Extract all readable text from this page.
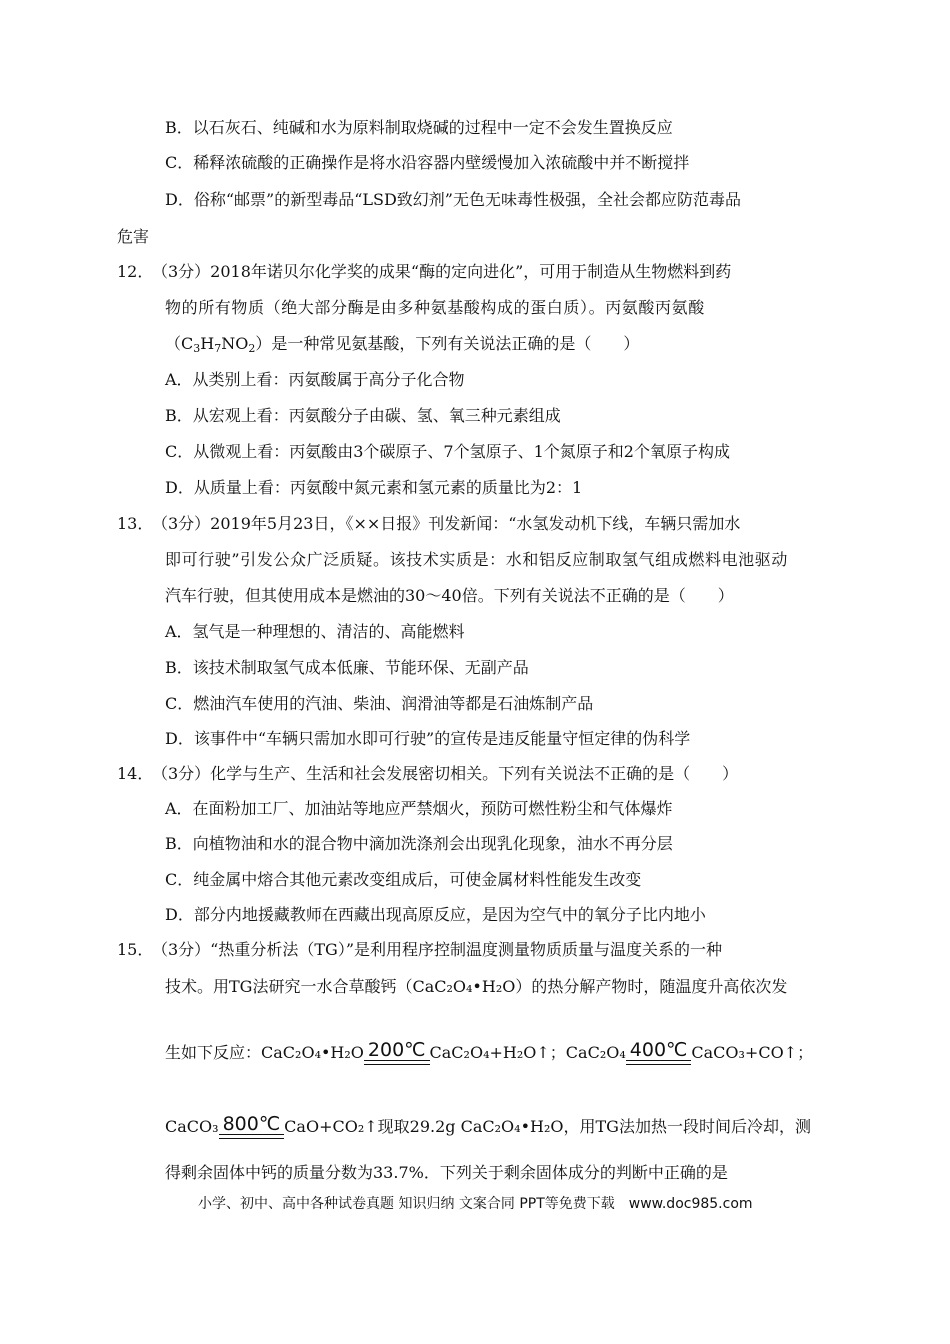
B．以石灰石、纯碱和水为原料制取烧碱的过程中一定不会发生置换反应
C．稀释浓硫酸的正确操作是将水沿容器内壁缓慢加入浓硫酸中并不断搅拌
D．俗称“邮票”的新型毒品“LSD致幻剂”无色无味毒性极强，全社会都应防范毒品
危害
12．
（3分）2018年诺贝尔化学奖的成果“酶的定向进化”，可用于制造从生物燃料到药
物的所有物质（绝大部分酶是由多种氨基酸构成的蛋白质）。丙氨酸丙氨酸
$(C_3H_7NO_2)$是一种常见氨基酸，下列有关说法正确的是（　　）
A．从类别上看：丙氨酸属于高分子化合物
B．从宏观上看：丙氨酸分子由碳、氢、氧三种元素组成
C．从微观上看：丙氨酸由3个碳原子、7个氢原子、1个氮原子和2个氧原子构成
D．从质量上看：丙氨酸中氮元素和氢元素的质量比为2：1
13．
（3分）2019年5月23日，《××日报》刊发新闻：“水氢发动机下线，车辆只需加水
即可行驶”引发公众广泛质疑。该技术实质是：水和铝反应制取氢气组成燃料电池驱动
汽车行驶，但其使用成本是燃油的30～40倍。下列有关说法不正确的是（　　）
A．氢气是一种理想的、清洁的、高能燃料
B．该技术制取氢气成本低廉、节能环保、无副产品
C．燃油汽车使用的汽油、柴油、润滑油等都是石油炼制产品
D．该事件中“车辆只需加水即可行驶”的宣传是违反能量守恒定律的伪科学
14．
（3分）化学与生产、生活和社会发展密切相关。下列有关说法不正确的是（　　）
A．在面粉加工厂、加油站等地应严禁烟火，预防可燃性粉尘和气体爆炸
B．向植物油和水的混合物中滴加洗涤剂会出现乳化现象，油水不再分层
C．纯金属中熔合其他元素改变组成后，可使金属材料性能发生改变
D．部分内地援藏教师在西藏出现高原反应，是因为空气中的氧分子比内地小
15．
（3分）“热重分析法（TG）”是利用程序控制温度测量物质质量与温度关系的一种
技术。用TG法研究一水合草酸钙（CaC₂O₄•H₂O）的热分解产物时，随温度升高依次发
生如下反应：CaC₂O₄•H₂O 200℃ CaC₂O₄+H₂O↑；CaC₂O₄ 400℃ CaCO₃+CO↑；
CaCO₃ 800℃ CaO+CO₂↑现取29.2g CaC₂O₄•H₂O，用TG法加热一段时间后冷却，测
得剩余固体中钙的质量分数为33.7%．下列关于剩余固体成分的判断中正确的是
小学、初中、高中各种试卷真题 知识归纳 文案合同 PPT等免费下载　www.doc985.com
